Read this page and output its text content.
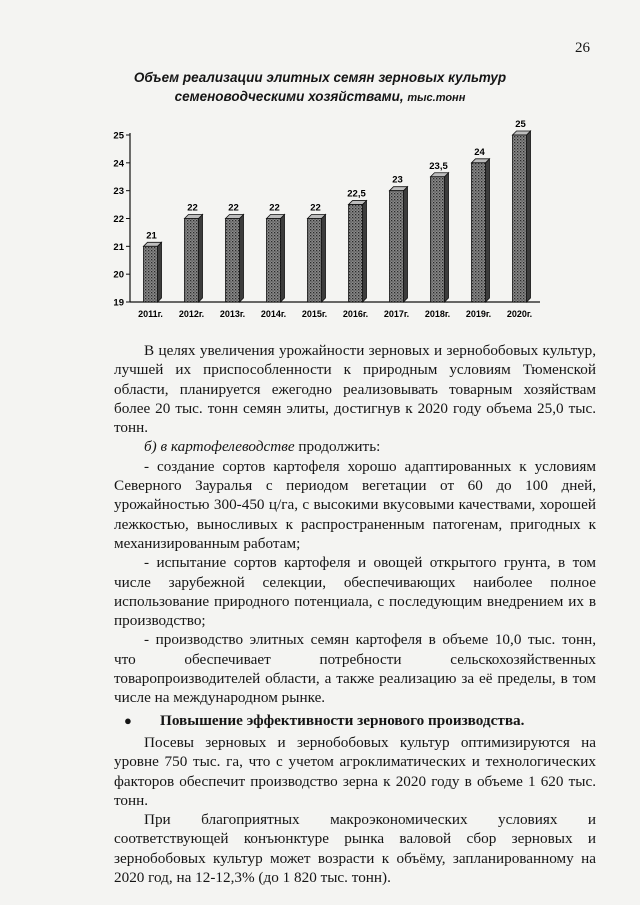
26
Объем реализации элитных семян зерновых культур
семеноводческими хозяйствами, тыс.тонн
19
20
21
22
23
24
25
21
2011г.
22
2012г.
22
2013г.
22
2014г.
22
2015г.
22,5
2016г.
23
2017г.
23,5
2018г.
24
2019г.
25
2020г.

В целях увеличения урожайности зерновых и зернобобовых культур, лучшей их приспособленности к природным условиям Тюменской области, планируется ежегодно реализовывать товарным хозяйствам более 20 тыс. тонн семян элиты, достигнув к 2020 году объема 25,0 тыс. тонн.

б) в картофелеводстве продолжить:

- создание сортов картофеля хорошо адаптированных к условиям Северного Зауралья с периодом вегетации от 60 до 100 дней, урожайностью 300-450 ц/га, с высокими вкусовыми качествами, хорошей лежкостью, выносливых к распространенным патогенам, пригодных к механизированным работам;

- испытание сортов картофеля и овощей открытого грунта, в том числе зарубежной селекции, обеспечивающих наиболее полное использование природного потенциала, с последующим внедрением их в производство;

- производство элитных семян картофеля в объеме 10,0 тыс. тонн, что обеспечивает потребности сельскохозяйственных товаропроизводителей области, а также реализацию за её пределы, в том числе на международном рынке.

●	Повышение эффективности зернового производства.

Посевы зерновых и зернобобовых культур оптимизируются на уровне 750 тыс. га, что с учетом агроклиматических и технологических факторов обеспечит производство зерна к 2020 году в объеме 1 620 тыс. тонн.

При благоприятных макроэкономических условиях и соответствующей конъюнктуре рынка валовой сбор зерновых и зернобобовых культур может возрасти к объёму, запланированному на 2020 год, на 12-12,3% (до 1 820 тыс. тонн).
